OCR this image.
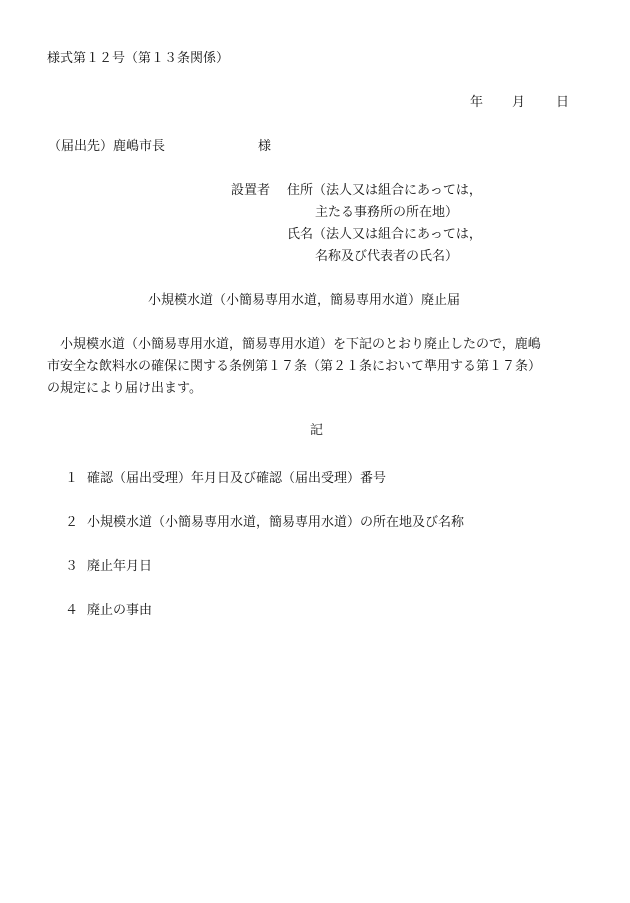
様式第１２号（第１３条関係）
年 月 日
（届出先）鹿嶋市長	様
設置者 住所（法人又は組合にあっては，
主たる事務所の所在地）
氏名（法人又は組合にあっては，
名称及び代表者の氏名）
小規模水道（小簡易専用水道，簡易専用水道）廃止届
小規模水道（小簡易専用水道，簡易専用水道）を下記のとおり廃止したので，鹿嶋
市安全な飲料水の確保に関する条例第１７条（第２１条において準用する第１７条）
の規定により届け出ます。
記
１ 確認（届出受理）年月日及び確認（届出受理）番号
２ 小規模水道（小簡易専用水道，簡易専用水道）の所在地及び名称
３ 廃止年月日
４ 廃止の事由
